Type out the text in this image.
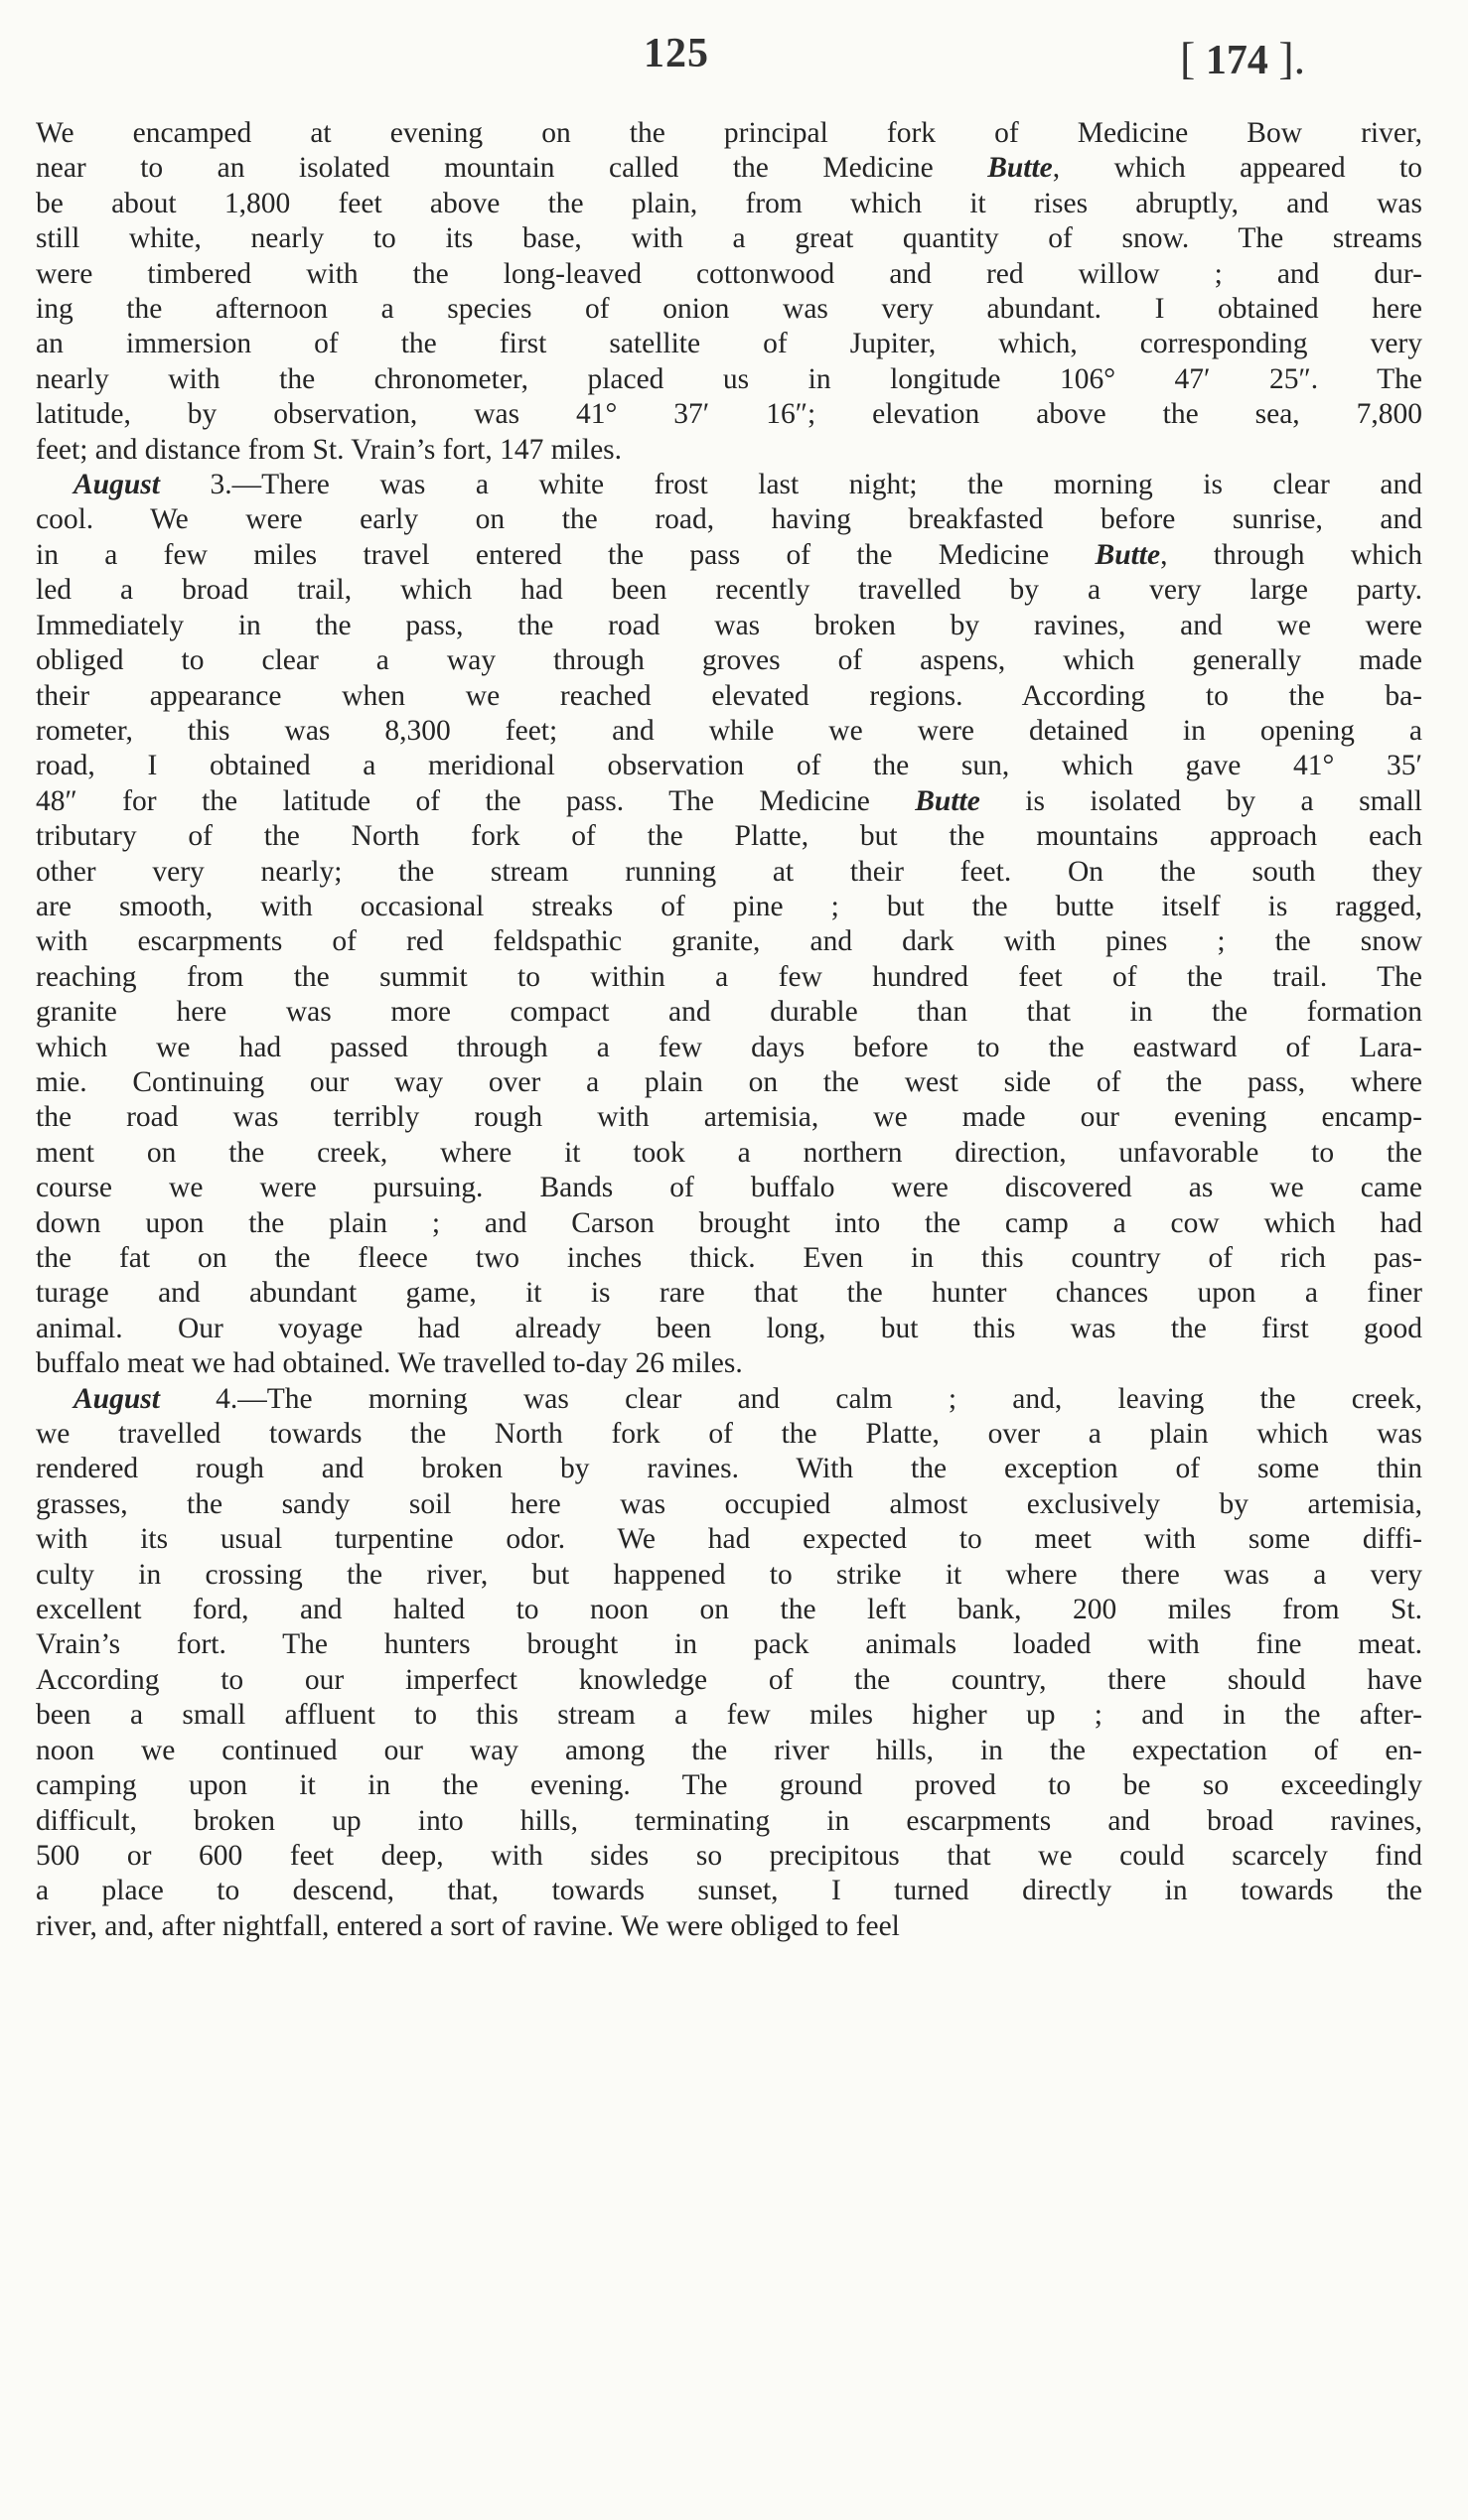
125	[ 174 ].

We encamped at evening on the principal fork of Medicine Bow river,

near to an isolated mountain called the Medicine Butte, which appeared to

be about 1,800 feet above the plain, from which it rises abruptly, and was

still white, nearly to its base, with a great quantity of snow. The streams

were timbered with the long-leaved cottonwood and red willow ; and dur-

ing the afternoon a species of onion was very abundant. I obtained here

an immersion of the first satellite of Jupiter, which, corresponding very

nearly with the chronometer, placed us in longitude 106° 47′ 25″. The

latitude, by observation, was 41° 37′ 16″; elevation above the sea, 7,800

feet; and distance from St. Vrain’s fort, 147 miles.

August 3.—There was a white frost last night; the morning is clear and

cool. We were early on the road, having breakfasted before sunrise, and

in a few miles travel entered the pass of the Medicine Butte, through which

led a broad trail, which had been recently travelled by a very large party.

Immediately in the pass, the road was broken by ravines, and we were

obliged to clear a way through groves of aspens, which generally made

their appearance when we reached elevated regions. According to the ba-

rometer, this was 8,300 feet; and while we were detained in opening a

road, I obtained a meridional observation of the sun, which gave 41° 35′

48″ for the latitude of the pass. The Medicine Butte is isolated by a small

tributary of the North fork of the Platte, but the mountains approach each

other very nearly; the stream running at their feet. On the south they

are smooth, with occasional streaks of pine ; but the butte itself is ragged,

with escarpments of red feldspathic granite, and dark with pines ; the snow

reaching from the summit to within a few hundred feet of the trail. The

granite here was more compact and durable than that in the formation

which we had passed through a few days before to the eastward of Lara-

mie. Continuing our way over a plain on the west side of the pass, where

the road was terribly rough with artemisia, we made our evening encamp-

ment on the creek, where it took a northern direction, unfavorable to the

course we were pursuing. Bands of buffalo were discovered as we came

down upon the plain ; and Carson brought into the camp a cow which had

the fat on the fleece two inches thick. Even in this country of rich pas-

turage and abundant game, it is rare that the hunter chances upon a finer

animal. Our voyage had already been long, but this was the first good

buffalo meat we had obtained. We travelled to-day 26 miles.

August 4.—The morning was clear and calm ; and, leaving the creek,

we travelled towards the North fork of the Platte, over a plain which was

rendered rough and broken by ravines. With the exception of some thin

grasses, the sandy soil here was occupied almost exclusively by artemisia,

with its usual turpentine odor. We had expected to meet with some diffi-

culty in crossing the river, but happened to strike it where there was a very

excellent ford, and halted to noon on the left bank, 200 miles from St.

Vrain’s fort. The hunters brought in pack animals loaded with fine meat.

According to our imperfect knowledge of the country, there should have

been a small affluent to this stream a few miles higher up ; and in the after-

noon we continued our way among the river hills, in the expectation of en-

camping upon it in the evening. The ground proved to be so exceedingly

difficult, broken up into hills, terminating in escarpments and broad ravines,

500 or 600 feet deep, with sides so precipitous that we could scarcely find

a place to descend, that, towards sunset, I turned directly in towards the

river, and, after nightfall, entered a sort of ravine. We were obliged to feel
